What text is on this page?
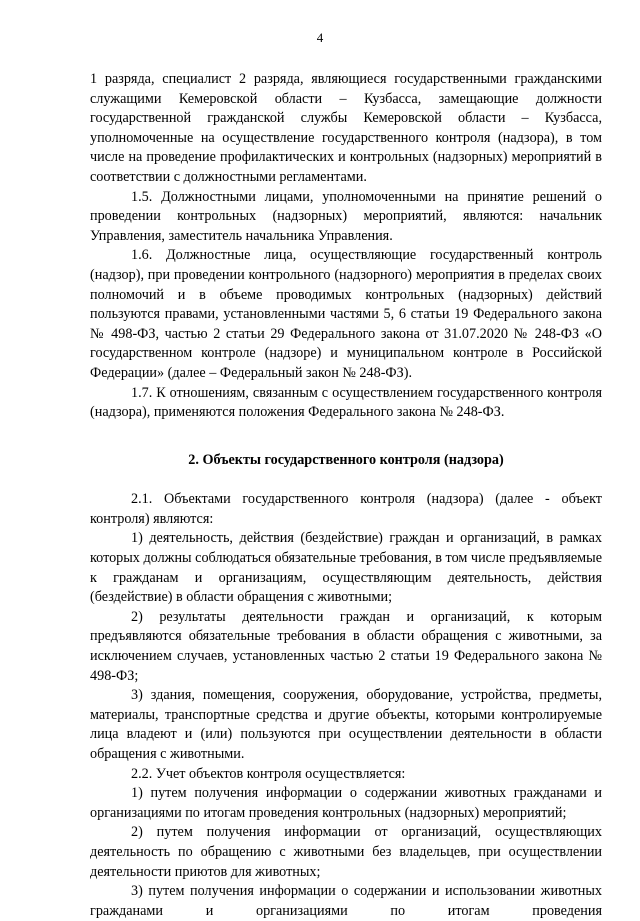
4

1 разряда, специалист 2 разряда, являющиеся государственными гражданскими служащими Кемеровской области – Кузбасса, замещающие должности государственной гражданской службы Кемеровской области – Кузбасса, уполномоченные на осуществление государственного контроля (надзора), в том числе на проведение профилактических и контрольных (надзорных) мероприятий в соответствии с должностными регламентами.

1.5. Должностными лицами, уполномоченными на принятие решений о проведении контрольных (надзорных) мероприятий, являются: начальник Управления, заместитель начальника Управления.

1.6. Должностные лица, осуществляющие государственный контроль (надзор), при проведении контрольного (надзорного) мероприятия в пределах своих полномочий и в объеме проводимых контрольных (надзорных) действий пользуются правами, установленными частями 5, 6 статьи 19 Федерального закона № 498-ФЗ, частью 2 статьи 29 Федерального закона от 31.07.2020 № 248-ФЗ «О государственном контроле (надзоре) и муниципальном контроле в Российской Федерации» (далее – Федеральный закон № 248-ФЗ).

1.7. К отношениям, связанным с осуществлением государственного контроля (надзора), применяются положения Федерального закона № 248-ФЗ.

2. Объекты государственного контроля (надзора)

2.1. Объектами государственного контроля (надзора) (далее - объект контроля) являются:

1) деятельность, действия (бездействие) граждан и организаций, в рамках которых должны соблюдаться обязательные требования, в том числе предъявляемые к гражданам и организациям, осуществляющим деятельность, действия (бездействие) в области обращения с животными;

2) результаты деятельности граждан и организаций, к которым предъявляются обязательные требования в области обращения с животными, за исключением случаев, установленных частью 2 статьи 19 Федерального закона № 498-ФЗ;

3) здания, помещения, сооружения, оборудование, устройства, предметы, материалы, транспортные средства и другие объекты, которыми контролируемые лица владеют и (или) пользуются при осуществлении деятельности в области обращения с животными.

2.2. Учет объектов контроля осуществляется:

1) путем получения информации о содержании животных гражданами и организациями по итогам проведения контрольных (надзорных) мероприятий;

2) путем получения информации от организаций, осуществляющих деятельность по обращению с животными без владельцев, при осуществлении деятельности приютов для животных;

3) путем получения информации о содержании и использовании животных гражданами и организациями по итогам проведения
